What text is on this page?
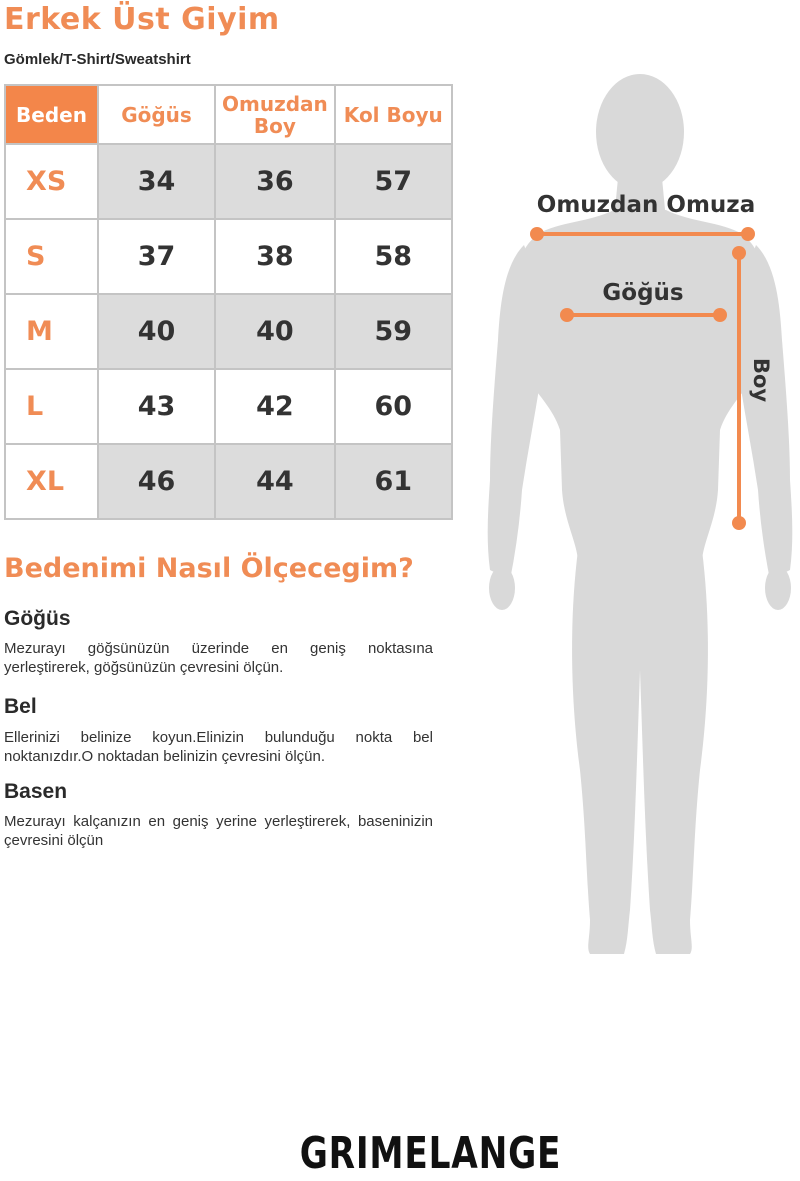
Erkek Üst Giyim
Gömlek/T-Shirt/Sweatshirt
Beden	Göğüs	Omuzdan Boy	Kol Boyu
XS	34	36	57
S	37	38	58
M	40	40	59
L	43	42	60
XL	46	44	61
Bedenimi Nasıl Ölçecegim?
Göğüs

Mezurayı göğsünüzün üzerinde en geniş noktasına yerleştirerek, göğsünüzün çevresini ölçün.

Bel

Ellerinizi belinize koyun.Elinizin bulunduğu nokta bel noktanızdır.O noktadan belinizin çevresini ölçün.

Basen

Mezurayı kalçanızın en geniş yerine yerleştirerek, baseninizin çevresini ölçün

Omuzdan Omuza
Göğüs
Boy
GRIMELANGE
